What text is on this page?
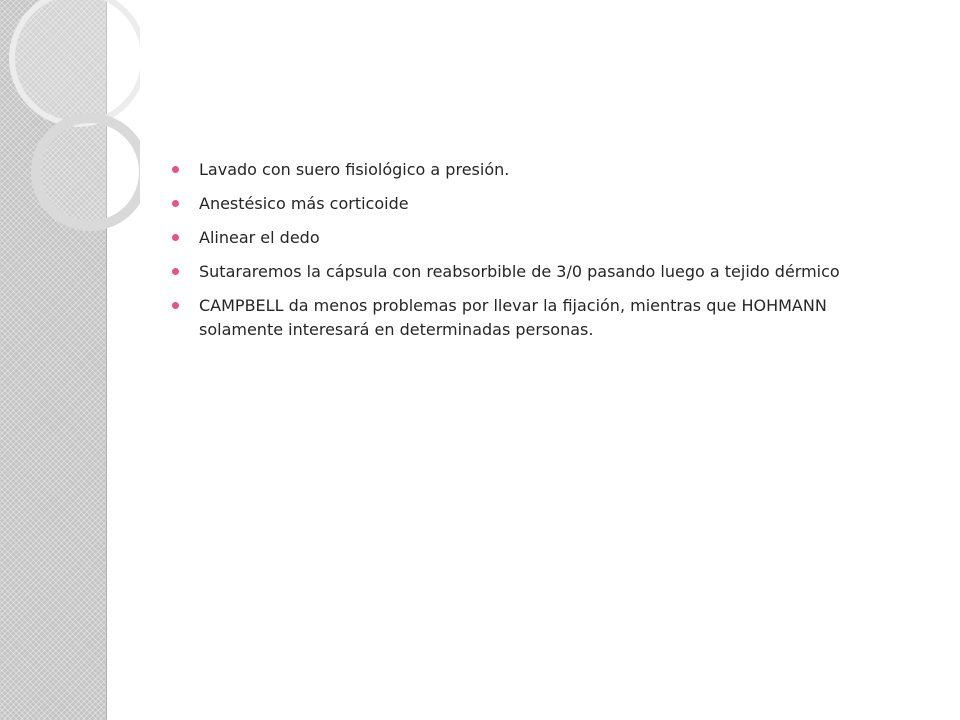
Lavado con suero fisiológico a presión.
Anestésico más corticoide
Alinear el dedo
Sutararemos la cápsula con reabsorbible de 3/0 pasando luego a tejido dérmico
CAMPBELL da menos problemas por llevar la fijación, mientras que HOHMANN solamente interesará en determinadas personas.
